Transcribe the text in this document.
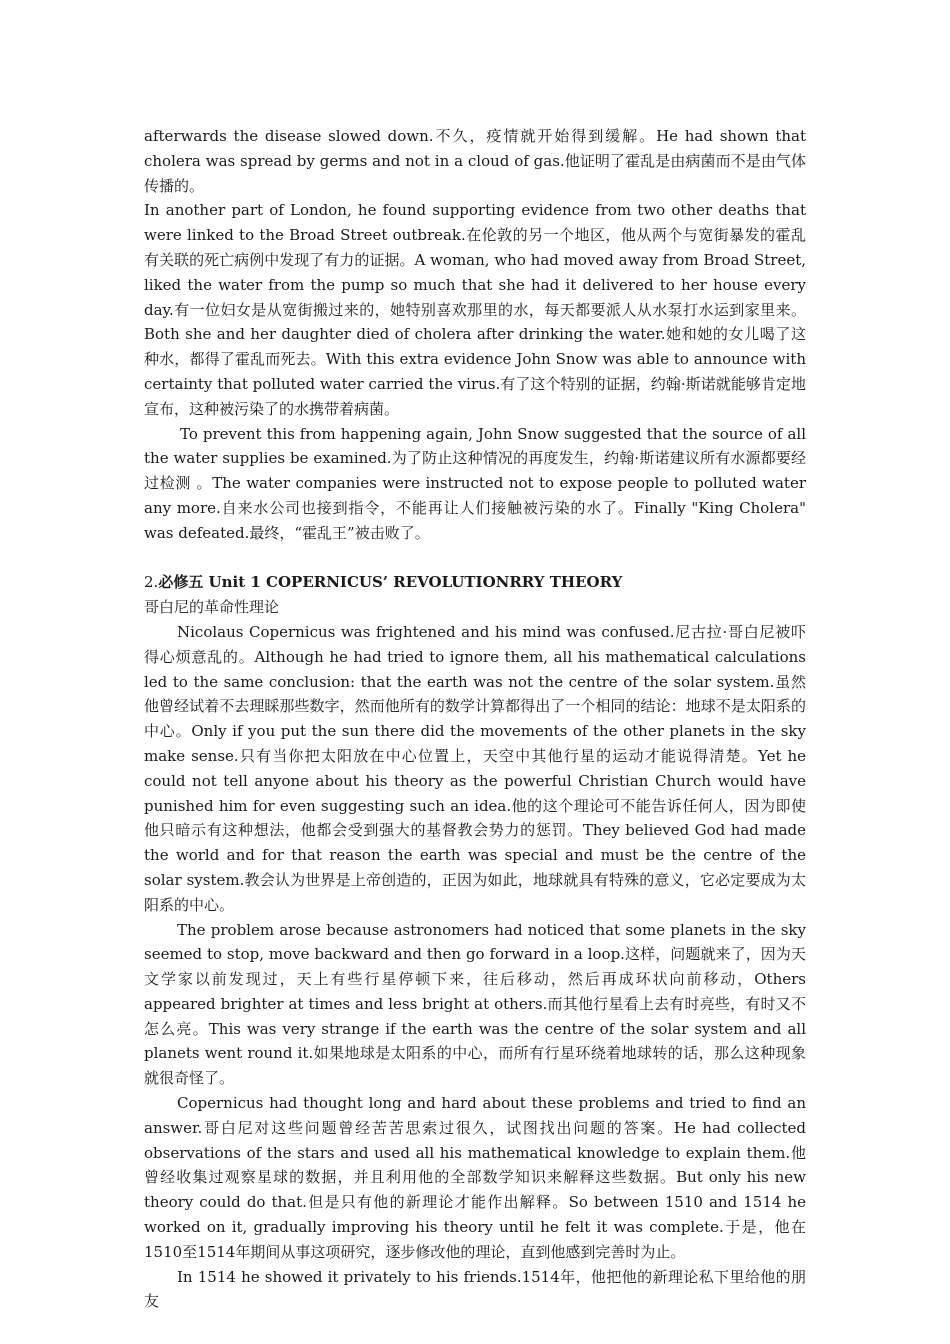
afterwards the disease slowed down.不久，疫情就开始得到缓解。He had shown that cholera was spread by germs and not in a cloud of gas.他证明了霍乱是由病菌而不是由气体传播的。

In another part of London, he found supporting evidence from two other deaths that were linked to the Broad Street outbreak.在伦敦的另一个地区，他从两个与宽街暴发的霍乱有关联的死亡病例中发现了有力的证据。A woman, who had moved away from Broad Street, liked the water from the pump so much that she had it delivered to her house every day.有一位妇女是从宽街搬过来的，她特别喜欢那里的水，每天都要派人从水泵打水运到家里来。Both she and her daughter died of cholera after drinking the water.她和她的女儿喝了这种水，都得了霍乱而死去。With this extra evidence John Snow was able to announce with certainty that polluted water carried the virus.有了这个特别的证据，约翰·斯诺就能够肯定地宣布，这种被污染了的水携带着病菌。

To prevent this from happening again, John Snow suggested that the source of all the water supplies be examined.为了防止这种情况的再度发生，约翰·斯诺建议所有水源都要经过检测 。The water companies were instructed not to expose people to polluted water any more.自来水公司也接到指令，不能再让人们接触被污染的水了。Finally "King Cholera" was defeated.最终，“霍乱王”被击败了。

2.必修五 Unit 1 COPERNICUS’ REVOLUTIONRRY THEORY

哥白尼的革命性理论

Nicolaus Copernicus was frightened and his mind was confused.尼古拉·哥白尼被吓得心烦意乱的。Although he had tried to ignore them, all his mathematical calculations led to the same conclusion: that the earth was not the centre of the solar system.虽然他曾经试着不去理睬那些数字，然而他所有的数学计算都得出了一个相同的结论：地球不是太阳系的中心。Only if you put the sun there did the movements of the other planets in the sky make sense.只有当你把太阳放在中心位置上，天空中其他行星的运动才能说得清楚。Yet he could not tell anyone about his theory as the powerful Christian Church would have punished him for even suggesting such an idea.他的这个理论可不能告诉任何人，因为即使他只暗示有这种想法，他都会受到强大的基督教会势力的惩罚。They believed God had made the world and for that reason the earth was special and must be the centre of the solar system.教会认为世界是上帝创造的，正因为如此，地球就具有特殊的意义，它必定要成为太阳系的中心。

The problem arose because astronomers had noticed that some planets in the sky seemed to stop, move backward and then go forward in a loop.这样，问题就来了，因为天文学家以前发现过，天上有些行星停顿下来，往后移动，然后再成环状向前移动，Others appeared brighter at times and less bright at others.而其他行星看上去有时亮些，有时又不怎么亮。This was very strange if the earth was the centre of the solar system and all planets went round it.如果地球是太阳系的中心，而所有行星环绕着地球转的话，那么这种现象就很奇怪了。

Copernicus had thought long and hard about these problems and tried to find an answer.哥白尼对这些问题曾经苦苦思索过很久，试图找出问题的答案。He had collected observations of the stars and used all his mathematical knowledge to explain them.他曾经收集过观察星球的数据，并且利用他的全部数学知识来解释这些数据。But only his new theory could do that.但是只有他的新理论才能作出解释。So between 1510 and 1514 he worked on it, gradually improving his theory until he felt it was complete.于是，他在1510至1514年期间从事这项研究，逐步修改他的理论，直到他感到完善时为止。

In 1514 he showed it privately to his friends.1514年，他把他的新理论私下里给他的朋友
